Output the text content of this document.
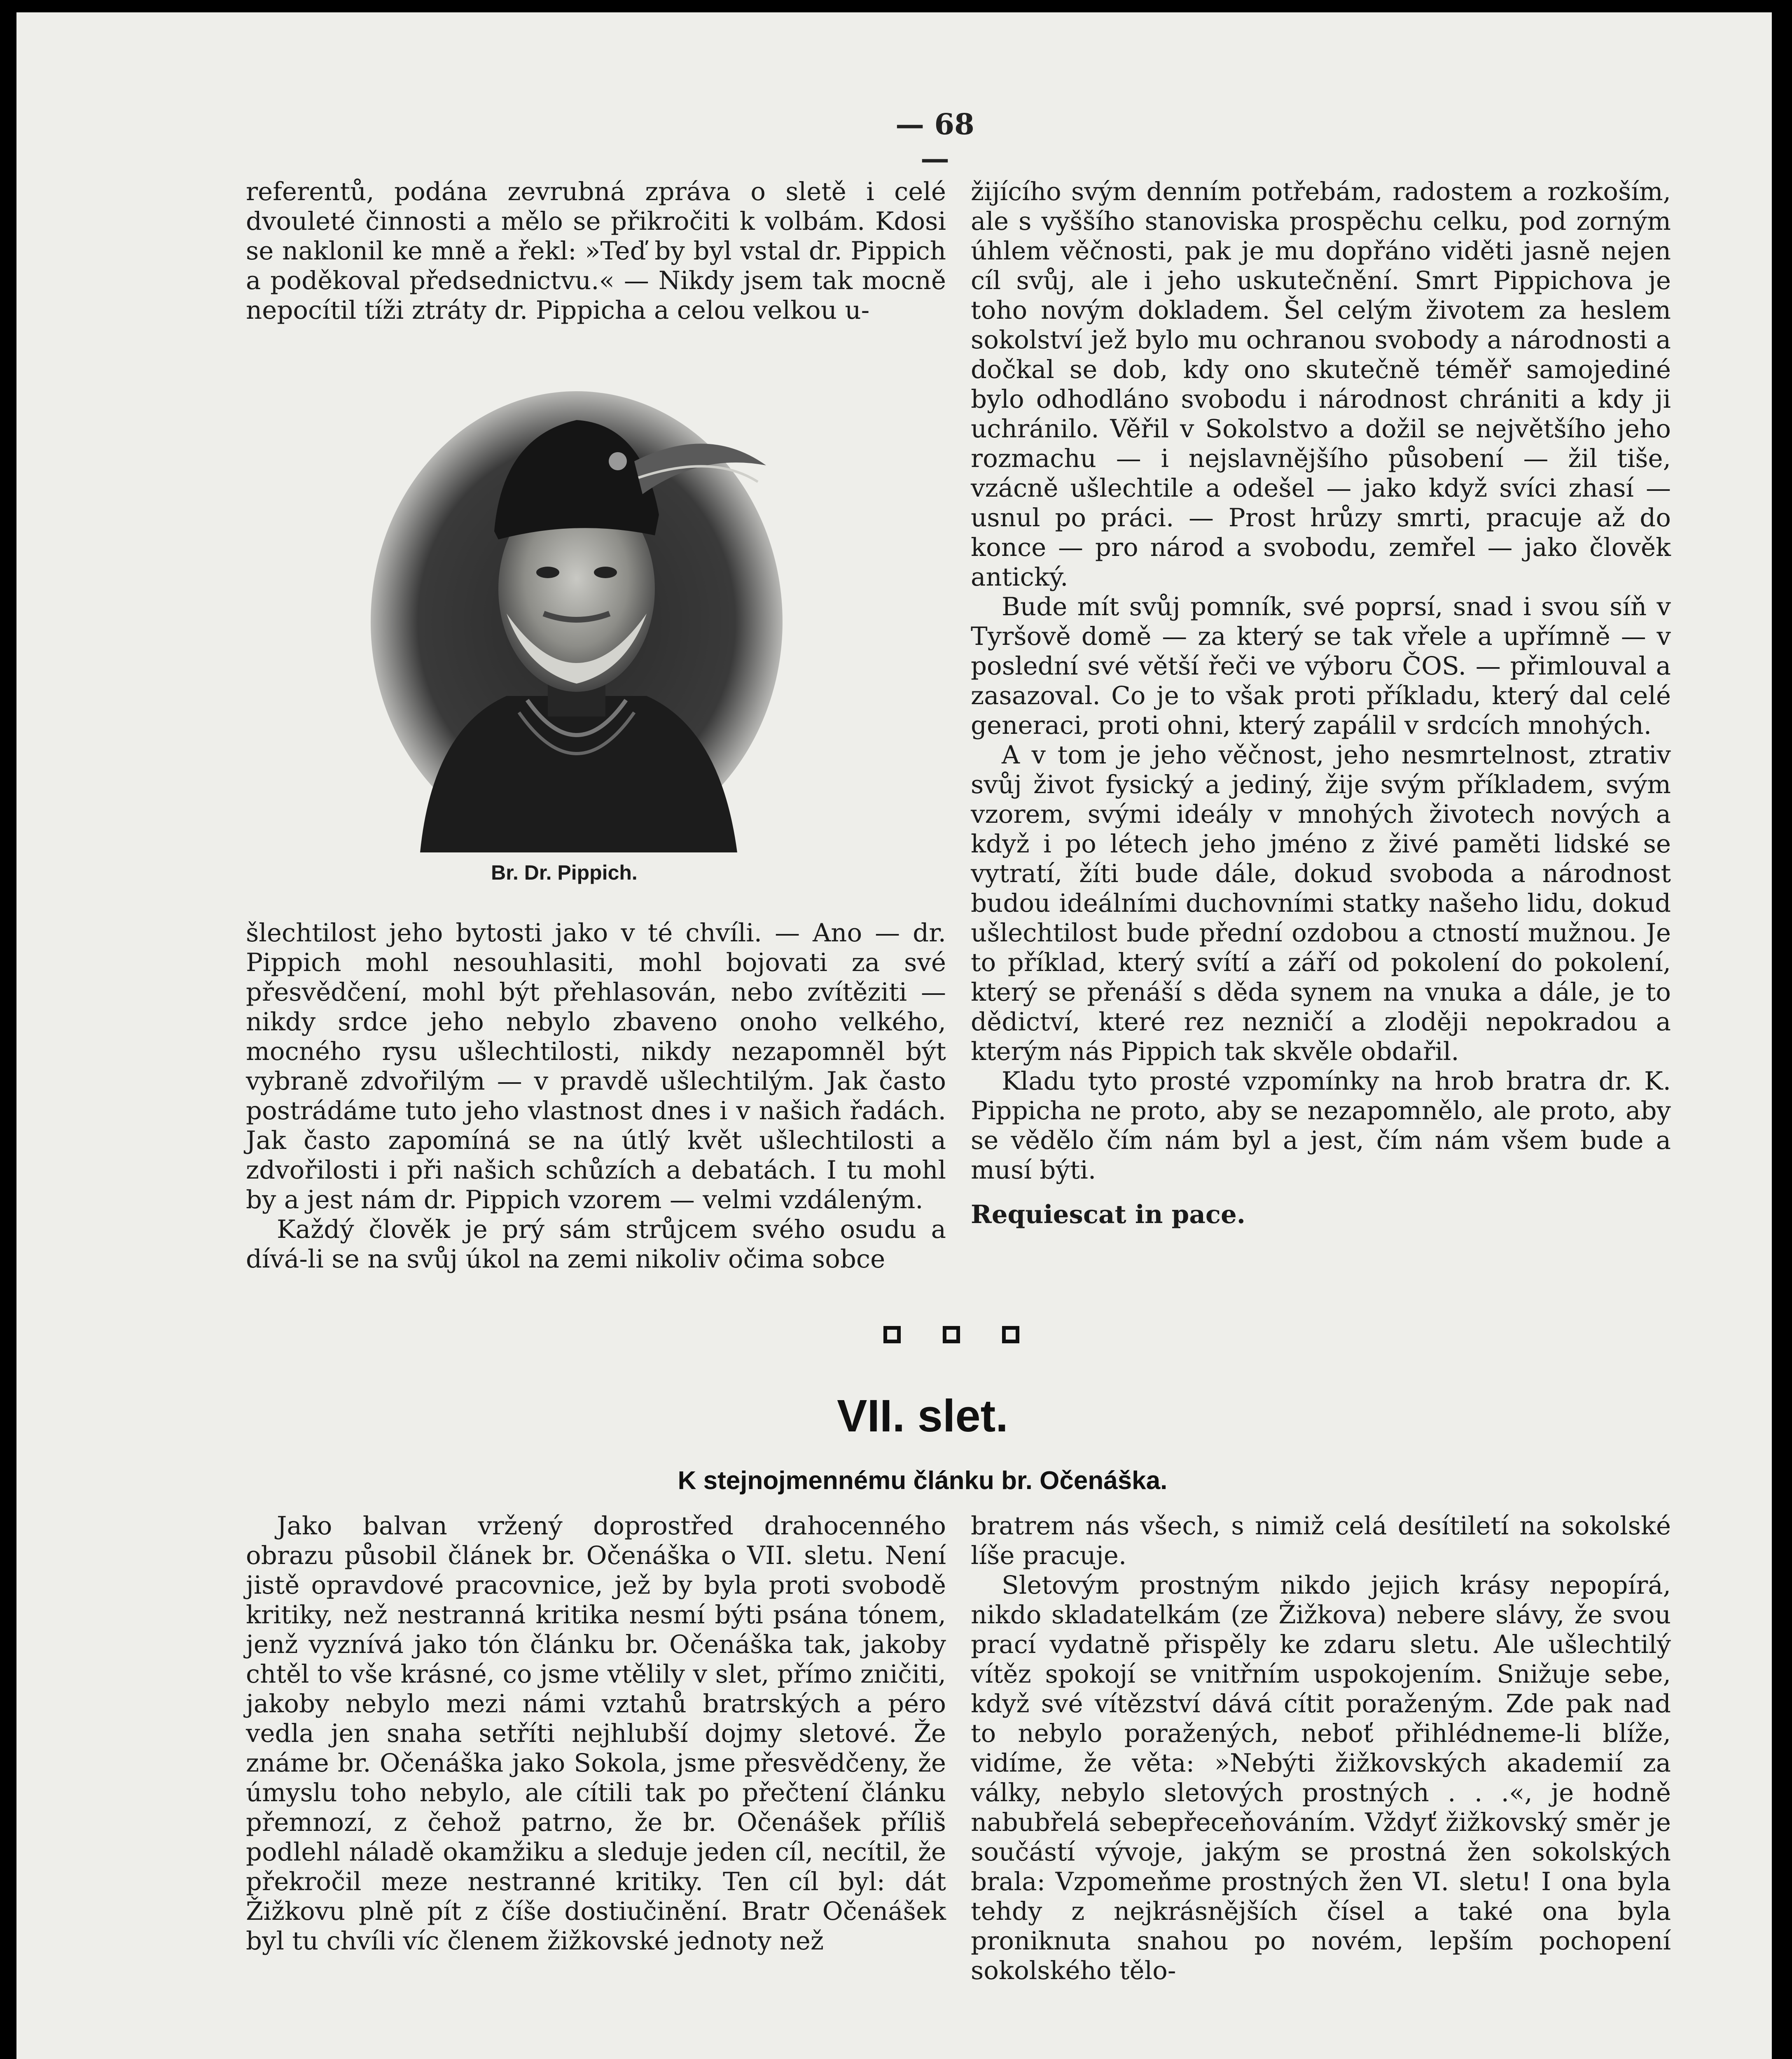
— 68 —

referentů, podána zevrubná zpráva o sletě i celé dvouleté činnosti a mělo se přikročiti k volbám. Kdosi se naklonil ke mně a řekl: »Teď by byl vstal dr. Pippich a poděkoval předsednictvu.« — Nikdy jsem tak mocně nepocítil tíži ztráty dr. Pippicha a celou velkou u-

Br. Dr. Pippich.

šlechtilost jeho bytosti jako v té chvíli. — Ano — dr. Pippich mohl nesouhlasiti, mohl bojovati za své přesvědčení, mohl být přehlasován, nebo zvítěziti — nikdy srdce jeho nebylo zbaveno onoho velkého, mocného rysu ušlechtilosti, nikdy nezapomněl být vybraně zdvořilým — v pravdě ušlechtilým. Jak často postrádáme tuto jeho vlastnost dnes i v našich řadách. Jak často zapomíná se na útlý květ ušlechtilosti a zdvořilosti i při našich schůzích a debatách. I tu mohl by a jest nám dr. Pippich vzorem — velmi vzdáleným.

Každý člověk je prý sám strůjcem svého osudu a dívá-li se na svůj úkol na zemi nikoliv očima sobce

žijícího svým denním potřebám, radostem a rozkoším, ale s vyššího stanoviska prospěchu celku, pod zorným úhlem věčnosti, pak je mu dopřáno viděti jasně nejen cíl svůj, ale i jeho uskutečnění. Smrt Pippichova je toho novým dokladem. Šel celým životem za heslem sokolství jež bylo mu ochranou svobody a národnosti a dočkal se dob, kdy ono skutečně téměř samojediné bylo odhodláno svobodu i národnost chrániti a kdy ji uchránilo. Věřil v Sokolstvo a dožil se největšího jeho rozmachu — i nejslavnějšího působení — žil tiše, vzácně ušlechtile a odešel — jako když svíci zhasí — usnul po práci. — Prost hrůzy smrti, pracuje až do konce — pro národ a svobodu, zemřel — jako člověk antický.

Bude mít svůj pomník, své poprsí, snad i svou síň v Tyršově domě — za který se tak vřele a upřímně — v poslední své větší řeči ve výboru ČOS. — přimlouval a zasazoval. Co je to však proti příkladu, který dal celé generaci, proti ohni, který zapálil v srdcích mnohých.

A v tom je jeho věčnost, jeho nesmrtelnost, ztrativ svůj život fysický a jediný, žije svým příkladem, svým vzorem, svými ideály v mnohých životech nových a když i po létech jeho jméno z živé paměti lidské se vytratí, žíti bude dále, dokud svoboda a národnost budou ideálními duchovními statky našeho lidu, dokud ušlechtilost bude přední ozdobou a ctností mužnou. Je to příklad, který svítí a září od pokolení do pokolení, který se přenáší s děda synem na vnuka a dále, je to dědictví, které rez nezničí a zloději nepokradou a kterým nás Pippich tak skvěle obdařil.

Kladu tyto prosté vzpomínky na hrob bratra dr. K. Pippicha ne proto, aby se nezapomnělo, ale proto, aby se vědělo čím nám byl a jest, čím nám všem bude a musí býti.

Requiescat in pace.

VII. slet.
K stejnojmennému článku br. Očenáška.

Jako balvan vržený doprostřed drahocenného obrazu působil článek br. Očenáška o VII. sletu. Není jistě opravdové pracovnice, jež by byla proti svobodě kritiky, než nestranná kritika nesmí býti psána tónem, jenž vyznívá jako tón článku br. Očenáška tak, jakoby chtěl to vše krásné, co jsme vtělily v slet, přímo zničiti, jakoby nebylo mezi námi vztahů bratrských a péro vedla jen snaha setříti nejhlubší dojmy sletové. Že známe br. Očenáška jako Sokola, jsme přesvědčeny, že úmyslu toho nebylo, ale cítili tak po přečtení článku přemnozí, z čehož patrno, že br. Očenášek příliš podlehl náladě okamžiku a sleduje jeden cíl, necítil, že překročil meze nestranné kritiky. Ten cíl byl: dát Žižkovu plně pít z číše dostiučinění. Bratr Očenášek byl tu chvíli víc členem žižkovské jednoty než

bratrem nás všech, s nimiž celá desítiletí na sokolské líše pracuje.

Sletovým prostným nikdo jejich krásy nepopírá, nikdo skladatelkám (ze Žižkova) nebere slávy, že svou prací vydatně přispěly ke zdaru sletu. Ale ušlechtilý vítěz spokojí se vnitřním uspokojením. Snižuje sebe, když své vítězství dává cítit poraženým. Zde pak nad to nebylo poražených, neboť přihlédneme-li blíže, vidíme, že věta: »Nebýti žižkovských akademií za války, nebylo sletových prostných . . .«, je hodně nabubřelá sebepřeceňováním. Vždyť žižkovský směr je součástí vývoje, jakým se prostná žen sokolských brala: Vzpomeňme prostných žen VI. sletu! I ona byla tehdy z nejkrásnějších čísel a také ona byla proniknuta snahou po novém, lepším pochopení sokolského tělo-
